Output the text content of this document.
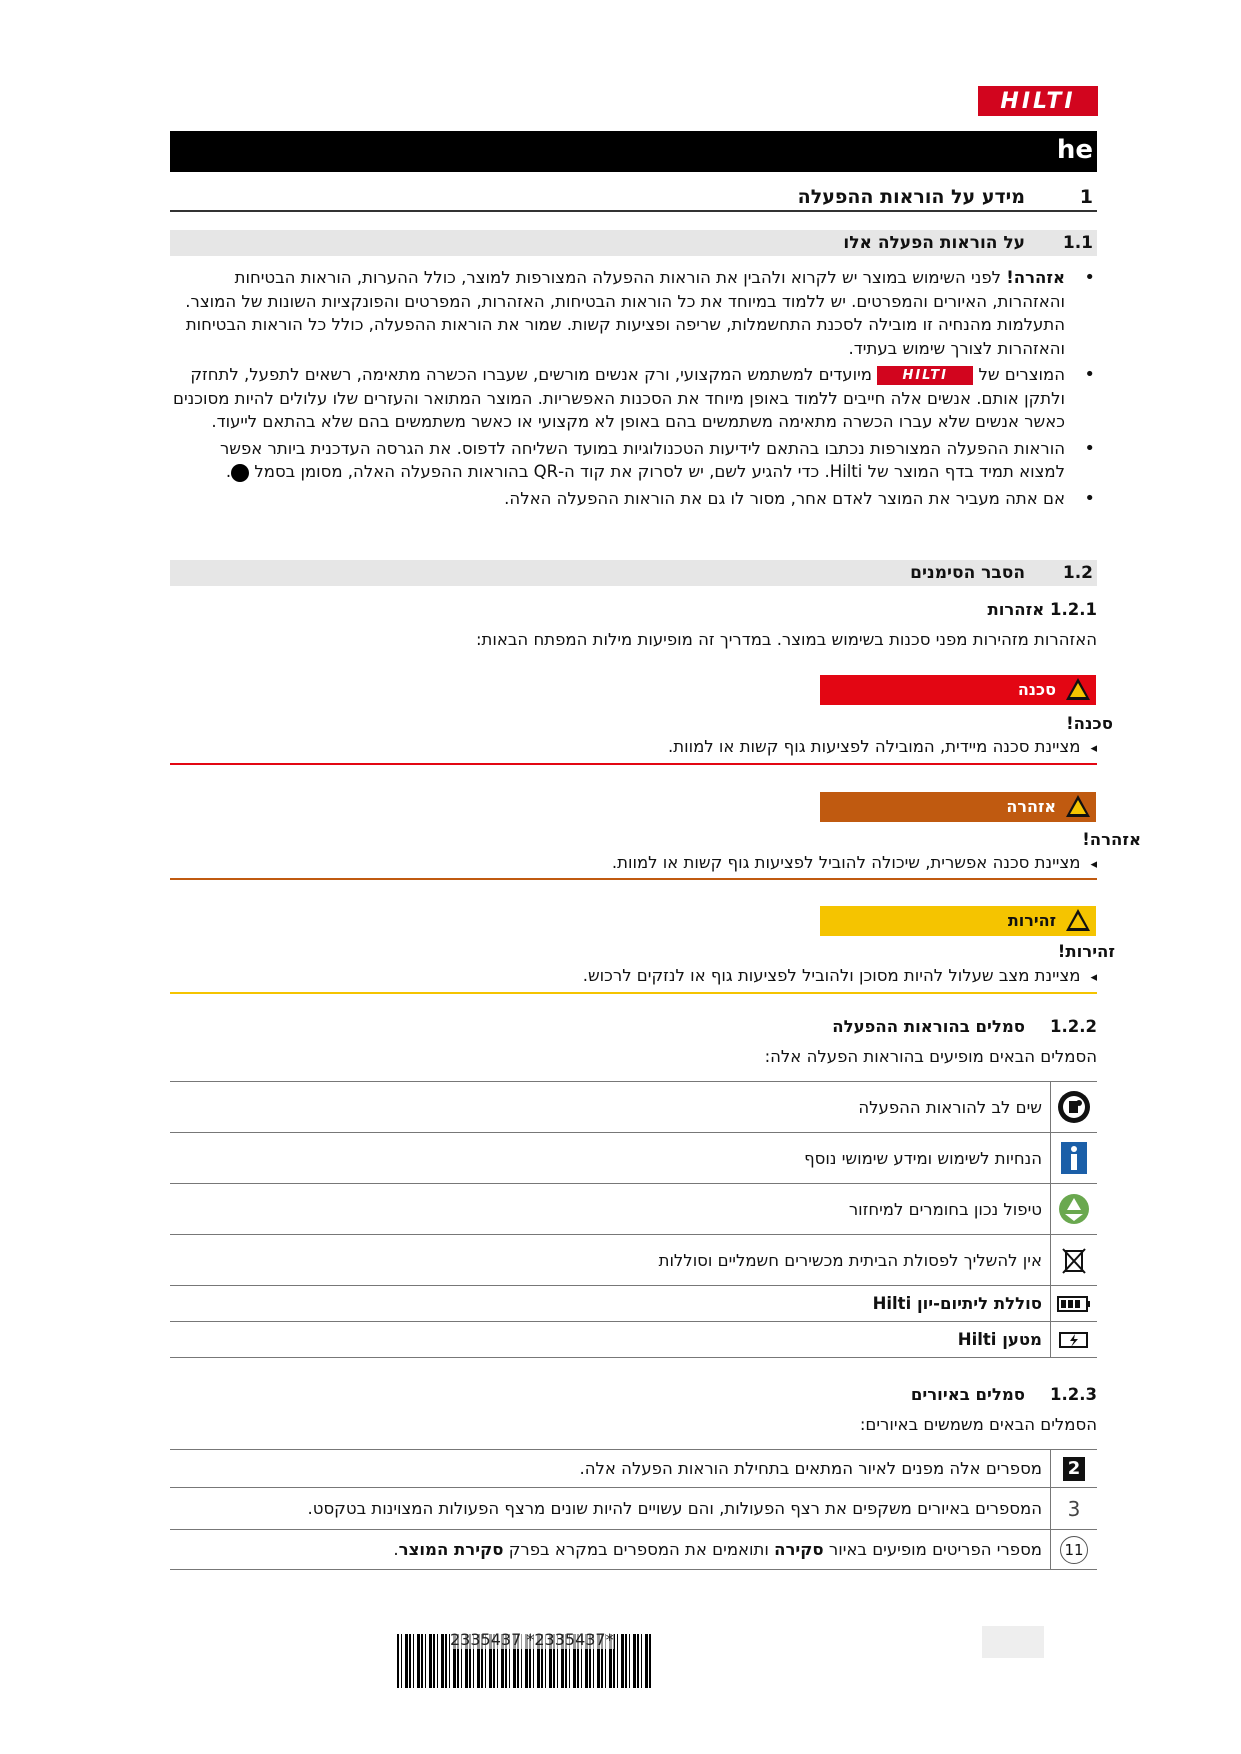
HILTI
he
1
מידע על הוראות ההפעלה
1.1
על הוראות הפעלה אלו
• אזהרה! לפני השימוש במוצר יש לקרוא ולהבין את הוראות ההפעלה המצורפות למוצר, כולל ההערות, הוראות הבטיחות והאזהרות, האיורים והמפרטים. יש ללמוד במיוחד את כל הוראות הבטיחות, האזהרות, המפרטים והפונקציות השונות של המוצר. התעלמות מהנחיה זו מובילה לסכנת התחשמלות, שריפה ופציעות קשות. שמור את הוראות ההפעלה, כולל כל הוראות הבטיחות והאזהרות לצורך שימוש בעתיד.
• המוצרים של HILTI מיועדים למשתמש המקצועי, ורק אנשים מורשים, שעברו הכשרה מתאימה, רשאים לתפעל, לתחזק ולתקן אותם. אנשים אלה חייבים ללמוד באופן מיוחד את הסכנות האפשריות. המוצר המתואר והעזרים שלו עלולים להיות מסוכנים כאשר אנשים שלא עברו הכשרה מתאימה משתמשים בהם באופן לא מקצועי או כאשר משתמשים בהם שלא בהתאם לייעוד.
• הוראות ההפעלה המצורפות נכתבו בהתאם לידיעות הטכנולוגיות במועד השליחה לדפוס. את הגרסה העדכנית ביותר אפשר למצוא תמיד בדף המוצר של Hilti. כדי להגיע לשם, יש לסרוק את קוד ה-QR בהוראות ההפעלה האלה, מסומן בסמל .
• אם אתה מעביר את המוצר לאדם אחר, מסור לו גם את הוראות ההפעלה האלה.
1.2
הסבר הסימנים
1.2.1 אזהרות
האזהרות מזהירות מפני סכנות בשימוש במוצר. במדריך זה מופיעות מילות המפתח הבאות:
סכנה
סכנה!
◂ מציינת סכנה מיידית, המובילה לפציעות גוף קשות או למוות.
אזהרה
אזהרה!
◂ מציינת סכנה אפשרית, שיכולה להוביל לפציעות גוף קשות או למוות.
זהירות
זהירות!
◂ מציינת מצב שעלול להיות מסוכן ולהוביל לפציעות גוף או לנזקים לרכוש.
1.2.2
סמלים בהוראות ההפעלה
הסמלים הבאים מופיעים בהוראות הפעלה אלה:
	שים לב להוראות ההפעלה
	הנחיות לשימוש ומידע שימושי נוסף
	טיפול נכון בחומרים למיחזור
	אין להשליך לפסולת הביתית מכשירים חשמליים וסוללות
	סוללת ליתיום-יון Hilti
	מטען Hilti
1.2.3
סמלים באיורים
הסמלים הבאים משמשים באיורים:
2	מספרים אלה מפנים לאיור המתאים בתחילת הוראות הפעלה אלה.
3	המספרים באיורים משקפים את רצף הפעולות, והם עשויים להיות שונים מרצף הפעולות המצוינות בטקסט.
11	מספרי הפריטים מופיעים באיור סקירה ותואמים את המספרים במקרא בפרק סקירת המוצר.
2335437 *2335437*
